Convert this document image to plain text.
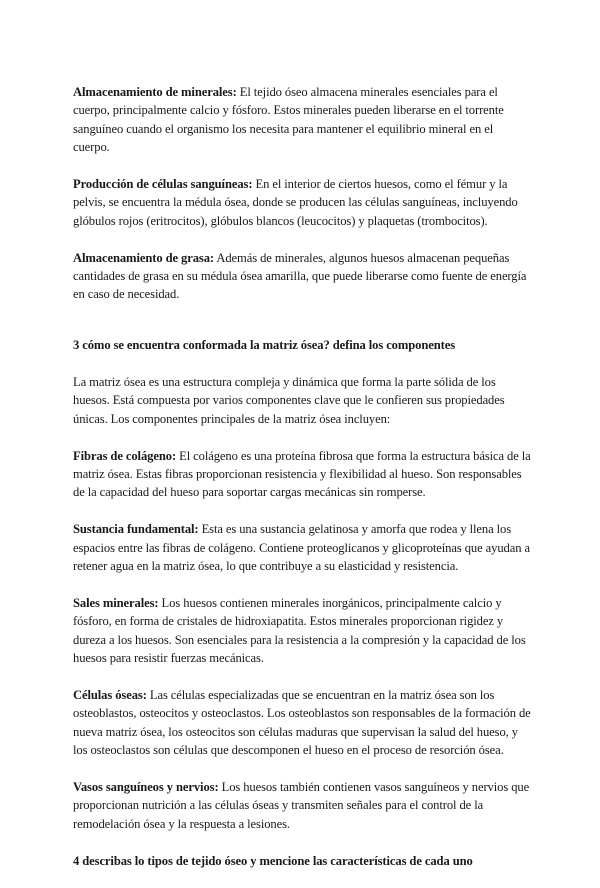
Almacenamiento de minerales: El tejido óseo almacena minerales esenciales para el cuerpo, principalmente calcio y fósforo. Estos minerales pueden liberarse en el torrente sanguíneo cuando el organismo los necesita para mantener el equilibrio mineral en el cuerpo.

Producción de células sanguíneas: En el interior de ciertos huesos, como el fémur y la pelvis, se encuentra la médula ósea, donde se producen las células sanguíneas, incluyendo glóbulos rojos (eritrocitos), glóbulos blancos (leucocitos) y plaquetas (trombocitos).

Almacenamiento de grasa: Además de minerales, algunos huesos almacenan pequeñas cantidades de grasa en su médula ósea amarilla, que puede liberarse como fuente de energía en caso de necesidad.

3 cómo se encuentra conformada la matriz ósea? defina los componentes

La matriz ósea es una estructura compleja y dinámica que forma la parte sólida de los huesos. Está compuesta por varios componentes clave que le confieren sus propiedades únicas. Los componentes principales de la matriz ósea incluyen:

Fibras de colágeno: El colágeno es una proteína fibrosa que forma la estructura básica de la matriz ósea. Estas fibras proporcionan resistencia y flexibilidad al hueso. Son responsables de la capacidad del hueso para soportar cargas mecánicas sin romperse.

Sustancia fundamental: Esta es una sustancia gelatinosa y amorfa que rodea y llena los espacios entre las fibras de colágeno. Contiene proteoglicanos y glicoproteínas que ayudan a retener agua en la matriz ósea, lo que contribuye a su elasticidad y resistencia.

Sales minerales: Los huesos contienen minerales inorgánicos, principalmente calcio y fósforo, en forma de cristales de hidroxiapatita. Estos minerales proporcionan rigidez y dureza a los huesos. Son esenciales para la resistencia a la compresión y la capacidad de los huesos para resistir fuerzas mecánicas.

Células óseas: Las células especializadas que se encuentran en la matriz ósea son los osteoblastos, osteocitos y osteoclastos. Los osteoblastos son responsables de la formación de nueva matriz ósea, los osteocitos son células maduras que supervisan la salud del hueso, y los osteoclastos son células que descomponen el hueso en el proceso de resorción ósea.

Vasos sanguíneos y nervios: Los huesos también contienen vasos sanguíneos y nervios que proporcionan nutrición a las células óseas y transmiten señales para el control de la remodelación ósea y la respuesta a lesiones.

4 describas lo tipos de tejido óseo y mencione las características de cada uno
